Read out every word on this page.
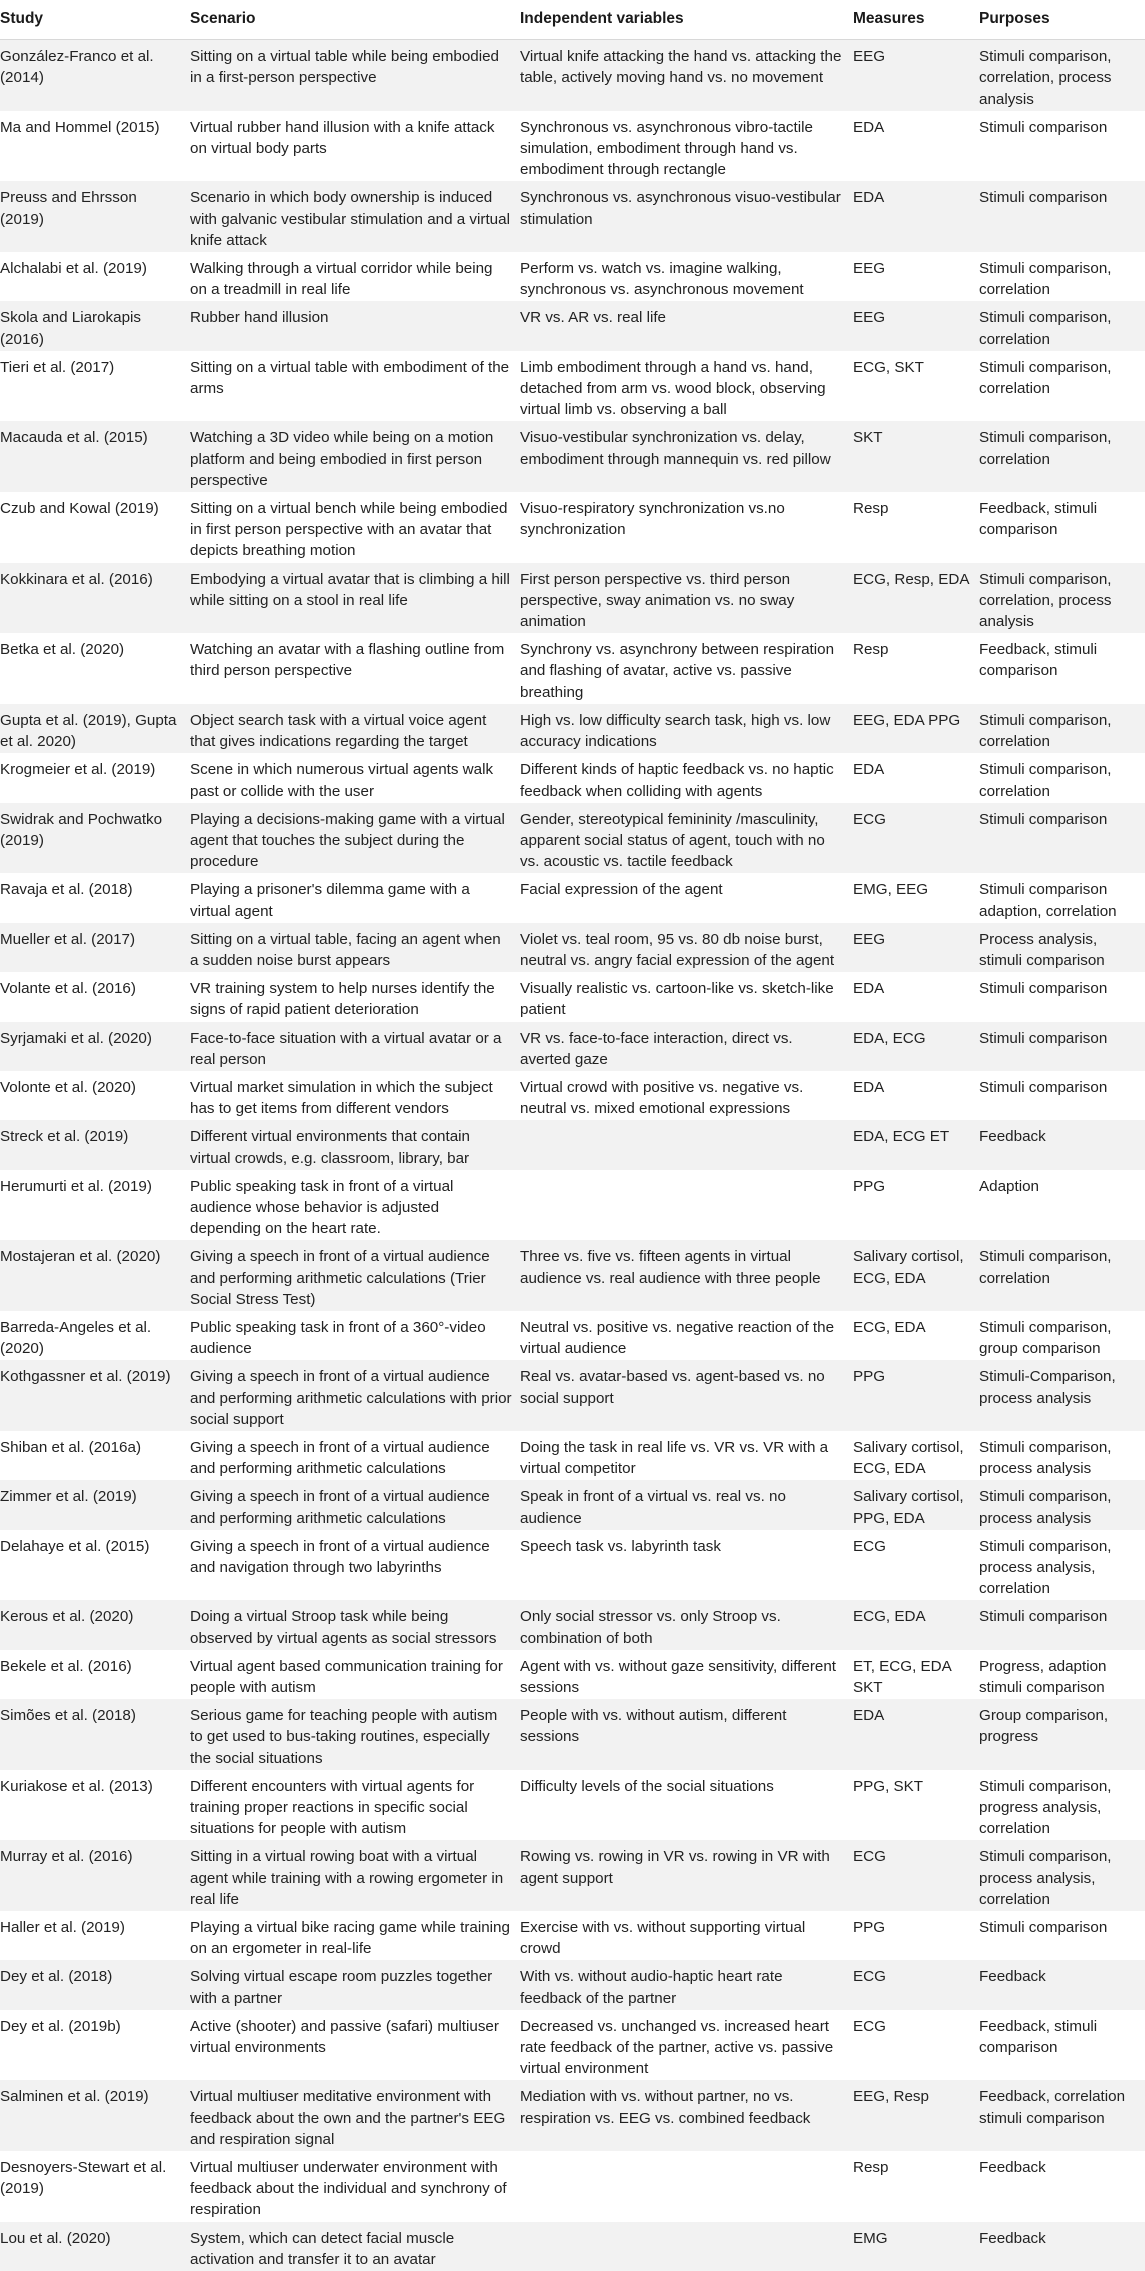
Study	Scenario	Independent variables	Measures	Purposes
González-Franco et al. (2014)	Sitting on a virtual table while being embodied in a first-person perspective	Virtual knife attacking the hand vs. attacking the table, actively moving hand vs. no movement	EEG	Stimuli comparison, correlation, process analysis
Ma and Hommel (2015)	Virtual rubber hand illusion with a knife attack on virtual body parts	Synchronous vs. asynchronous vibro-tactile simulation, embodiment through hand vs. embodiment through rectangle	EDA	Stimuli comparison
Preuss and Ehrsson (2019)	Scenario in which body ownership is induced with galvanic vestibular stimulation and a virtual knife attack	Synchronous vs. asynchronous visuo-vestibular stimulation	EDA	Stimuli comparison
Alchalabi et al. (2019)	Walking through a virtual corridor while being on a treadmill in real life	Perform vs. watch vs. imagine walking, synchronous vs. asynchronous movement	EEG	Stimuli comparison, correlation
Skola and Liarokapis (2016)	Rubber hand illusion	VR vs. AR vs. real life	EEG	Stimuli comparison, correlation
Tieri et al. (2017)	Sitting on a virtual table with embodiment of the arms	Limb embodiment through a hand vs. hand, detached from arm vs. wood block, observing virtual limb vs. observing a ball	ECG, SKT	Stimuli comparison, correlation
Macauda et al. (2015)	Watching a 3D video while being on a motion platform and being embodied in first person perspective	Visuo-vestibular synchronization vs. delay, embodiment through mannequin vs. red pillow	SKT	Stimuli comparison, correlation
Czub and Kowal (2019)	Sitting on a virtual bench while being embodied in first person perspective with an avatar that depicts breathing motion	Visuo-respiratory synchronization vs.no synchronization	Resp	Feedback, stimuli comparison
Kokkinara et al. (2016)	Embodying a virtual avatar that is climbing a hill while sitting on a stool in real life	First person perspective vs. third person perspective, sway animation vs. no sway animation	ECG, Resp, EDA	Stimuli comparison, correlation, process analysis
Betka et al. (2020)	Watching an avatar with a flashing outline from third person perspective	Synchrony vs. asynchrony between respiration and flashing of avatar, active vs. passive breathing	Resp	Feedback, stimuli comparison
Gupta et al. (2019), Gupta et al. 2020)	Object search task with a virtual voice agent that gives indications regarding the target	High vs. low difficulty search task, high vs. low accuracy indications	EEG, EDA PPG	Stimuli comparison, correlation
Krogmeier et al. (2019)	Scene in which numerous virtual agents walk past or collide with the user	Different kinds of haptic feedback vs. no haptic feedback when colliding with agents	EDA	Stimuli comparison, correlation
Swidrak and Pochwatko (2019)	Playing a decisions-making game with a virtual agent that touches the subject during the procedure	Gender, stereotypical femininity /masculinity, apparent social status of agent, touch with no vs. acoustic vs. tactile feedback	ECG	Stimuli comparison
Ravaja et al. (2018)	Playing a prisoner's dilemma game with a virtual agent	Facial expression of the agent	EMG, EEG	Stimuli comparison adaption, correlation
Mueller et al. (2017)	Sitting on a virtual table, facing an agent when a sudden noise burst appears	Violet vs. teal room, 95 vs. 80 db noise burst, neutral vs. angry facial expression of the agent	EEG	Process analysis, stimuli comparison
Volante et al. (2016)	VR training system to help nurses identify the signs of rapid patient deterioration	Visually realistic vs. cartoon-like vs. sketch-like patient	EDA	Stimuli comparison
Syrjamaki et al. (2020)	Face-to-face situation with a virtual avatar or a real person	VR vs. face-to-face interaction, direct vs. averted gaze	EDA, ECG	Stimuli comparison
Volonte et al. (2020)	Virtual market simulation in which the subject has to get items from different vendors	Virtual crowd with positive vs. negative vs. neutral vs. mixed emotional expressions	EDA	Stimuli comparison
Streck et al. (2019)	Different virtual environments that contain virtual crowds, e.g. classroom, library, bar		EDA, ECG ET	Feedback
Herumurti et al. (2019)	Public speaking task in front of a virtual audience whose behavior is adjusted depending on the heart rate.		PPG	Adaption
Mostajeran et al. (2020)	Giving a speech in front of a virtual audience and performing arithmetic calculations (Trier Social Stress Test)	Three vs. five vs. fifteen agents in virtual audience vs. real audience with three people	Salivary cortisol, ECG, EDA	Stimuli comparison, correlation
Barreda-Angeles et al. (2020)	Public speaking task in front of a 360°-video audience	Neutral vs. positive vs. negative reaction of the virtual audience	ECG, EDA	Stimuli comparison, group comparison
Kothgassner et al. (2019)	Giving a speech in front of a virtual audience and performing arithmetic calculations with prior social support	Real vs. avatar-based vs. agent-based vs. no social support	PPG	Stimuli-Comparison, process analysis
Shiban et al. (2016a)	Giving a speech in front of a virtual audience and performing arithmetic calculations	Doing the task in real life vs. VR vs. VR with a virtual competitor	Salivary cortisol, ECG, EDA	Stimuli comparison, process analysis
Zimmer et al. (2019)	Giving a speech in front of a virtual audience and performing arithmetic calculations	Speak in front of a virtual vs. real vs. no audience	Salivary cortisol, PPG, EDA	Stimuli comparison, process analysis
Delahaye et al. (2015)	Giving a speech in front of a virtual audience and navigation through two labyrinths	Speech task vs. labyrinth task	ECG	Stimuli comparison, process analysis, correlation
Kerous et al. (2020)	Doing a virtual Stroop task while being observed by virtual agents as social stressors	Only social stressor vs. only Stroop vs. combination of both	ECG, EDA	Stimuli comparison
Bekele et al. (2016)	Virtual agent based communication training for people with autism	Agent with vs. without gaze sensitivity, different sessions	ET, ECG, EDA SKT	Progress, adaption stimuli comparison
Simões et al. (2018)	Serious game for teaching people with autism to get used to bus-taking routines, especially the social situations	People with vs. without autism, different sessions	EDA	Group comparison, progress
Kuriakose et al. (2013)	Different encounters with virtual agents for training proper reactions in specific social situations for people with autism	Difficulty levels of the social situations	PPG, SKT	Stimuli comparison, progress analysis, correlation
Murray et al. (2016)	Sitting in a virtual rowing boat with a virtual agent while training with a rowing ergometer in real life	Rowing vs. rowing in VR vs. rowing in VR with agent support	ECG	Stimuli comparison, process analysis, correlation
Haller et al. (2019)	Playing a virtual bike racing game while training on an ergometer in real-life	Exercise with vs. without supporting virtual crowd	PPG	Stimuli comparison
Dey et al. (2018)	Solving virtual escape room puzzles together with a partner	With vs. without audio-haptic heart rate feedback of the partner	ECG	Feedback
Dey et al. (2019b)	Active (shooter) and passive (safari) multiuser virtual environments	Decreased vs. unchanged vs. increased heart rate feedback of the partner, active vs. passive virtual environment	ECG	Feedback, stimuli comparison
Salminen et al. (2019)	Virtual multiuser meditative environment with feedback about the own and the partner's EEG and respiration signal	Mediation with vs. without partner, no vs. respiration vs. EEG vs. combined feedback	EEG, Resp	Feedback, correlation stimuli comparison
Desnoyers-Stewart et al. (2019)	Virtual multiuser underwater environment with feedback about the individual and synchrony of respiration		Resp	Feedback
Lou et al. (2020)	System, which can detect facial muscle activation and transfer it to an avatar		EMG	Feedback
